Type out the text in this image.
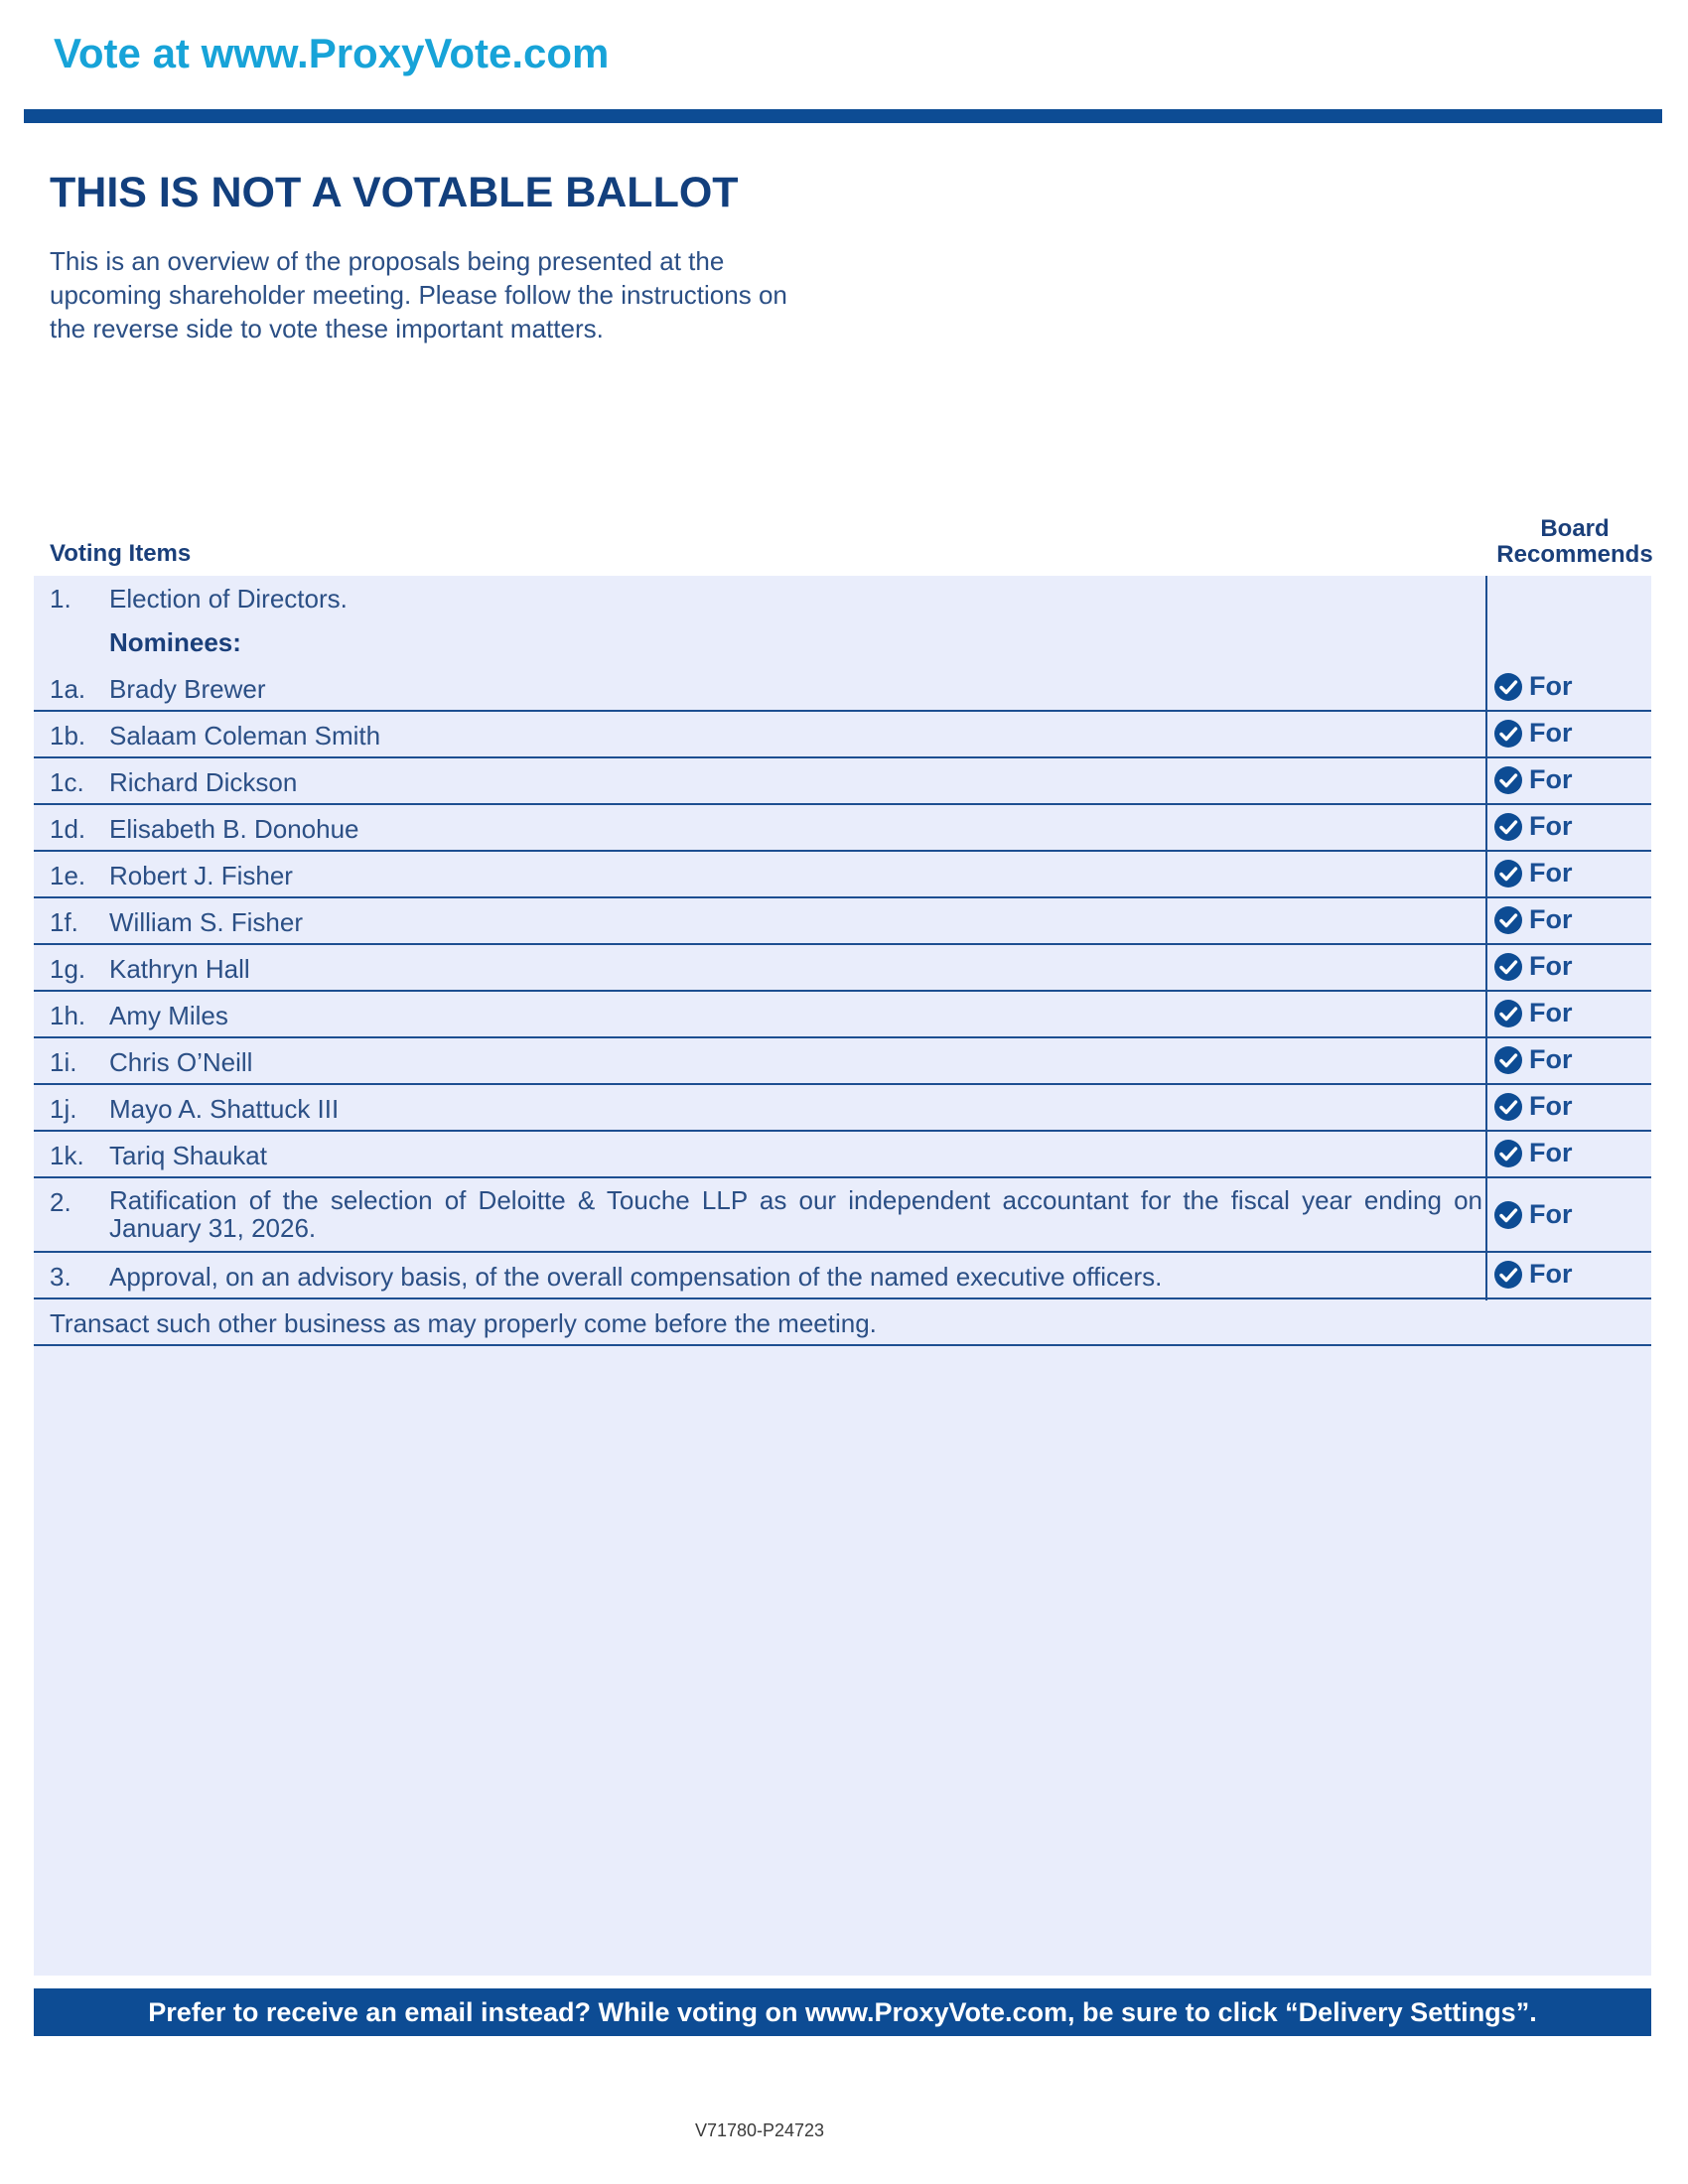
Vote at www.ProxyVote.com
THIS IS NOT A VOTABLE BALLOT
This is an overview of the proposals being presented at the
upcoming shareholder meeting. Please follow the instructions on
the reverse side to vote these important matters.
Voting Items
Board
Recommends
1. Election of Directors.
Nominees:
1a. Brady Brewer	For
1b. Salaam Coleman Smith	For
1c. Richard Dickson	For
1d. Elisabeth B. Donohue	For
1e. Robert J. Fisher	For
1f. William S. Fisher	For
1g. Kathryn Hall	For
1h. Amy Miles	For
1i. Chris O’Neill	For
1j. Mayo A. Shattuck III	For
1k. Tariq Shaukat	For
2. Ratification of the selection of Deloitte & Touche LLP as our independent accountant for the fiscal year ending on January 31, 2026.	For
3. Approval, on an advisory basis, of the overall compensation of the named executive officers.	For
Transact such other business as may properly come before the meeting.
Prefer to receive an email instead? While voting on www.ProxyVote.com, be sure to click “Delivery Settings”.
V71780-P24723
